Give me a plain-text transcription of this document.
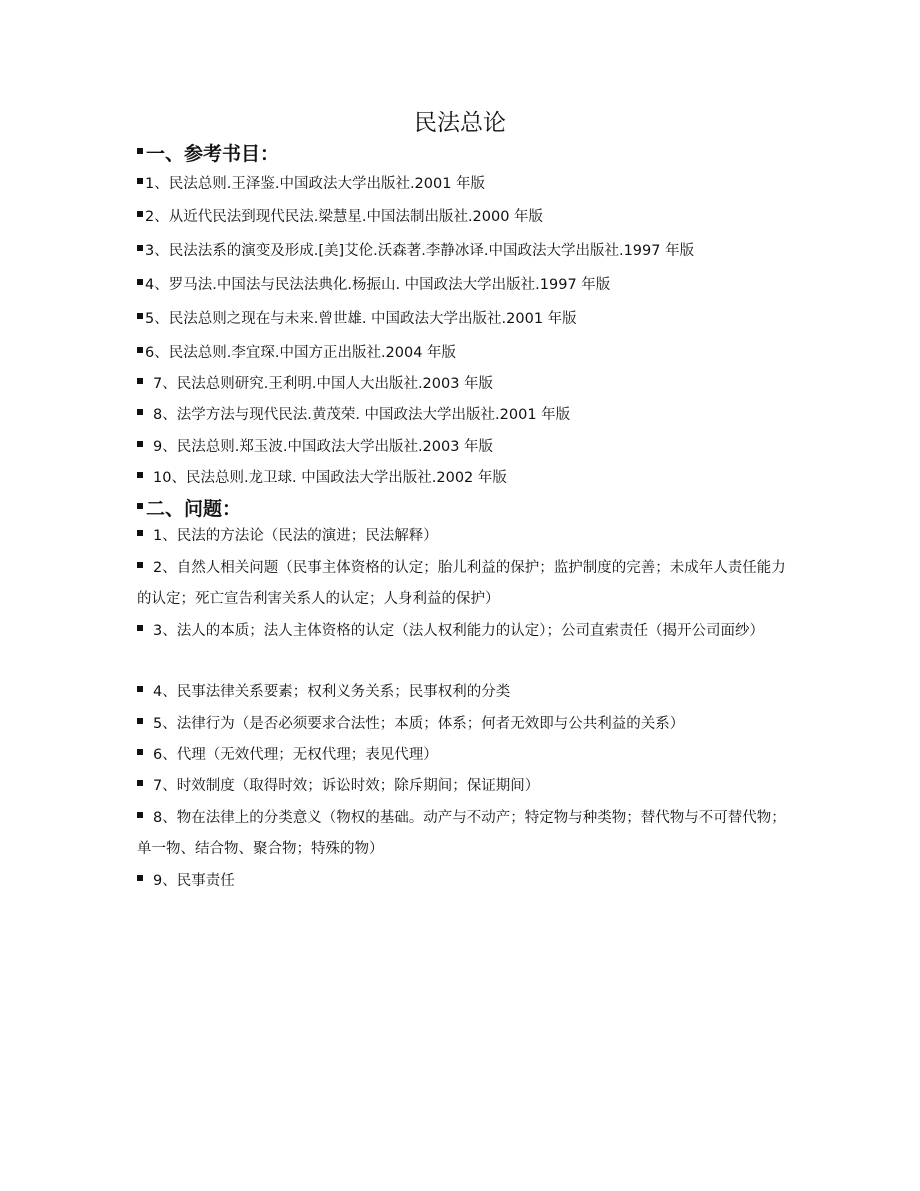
民法总论
一、参考书目：

1、民法总则.王泽鉴.中国政法大学出版社.2001 年版

2、从近代民法到现代民法.梁慧星.中国法制出版社.2000 年版

3、民法法系的演变及形成.[美]艾伦.沃森著.李静冰译.中国政法大学出版社.1997 年版

4、罗马法.中国法与民法法典化.杨振山. 中国政法大学出版社.1997 年版

5、民法总则之现在与未来.曾世雄. 中国政法大学出版社.2001 年版

6、民法总则.李宜琛.中国方正出版社.2004 年版

7、民法总则研究.王利明.中国人大出版社.2003 年版

8、法学方法与现代民法.黄茂荣. 中国政法大学出版社.2001 年版

9、民法总则.郑玉波.中国政法大学出版社.2003 年版

10、民法总则.龙卫球. 中国政法大学出版社.2002 年版

二、问题：

1、民法的方法论（民法的演进；民法解释）

2、自然人相关问题（民事主体资格的认定；胎儿利益的保护；监护制度的完善；未成年人责任能力的认定；死亡宣告利害关系人的认定；人身利益的保护）

3、法人的本质；法人主体资格的认定（法人权利能力的认定）；公司直索责任（揭开公司面纱）

4、民事法律关系要素；权利义务关系；民事权利的分类

5、法律行为（是否必须要求合法性；本质；体系；何者无效即与公共利益的关系）

6、代理（无效代理；无权代理；表见代理）

7、时效制度（取得时效；诉讼时效；除斥期间；保证期间）

8、物在法律上的分类意义（物权的基础。动产与不动产；特定物与种类物；替代物与不可替代物；单一物、结合物、聚合物；特殊的物）

9、民事责任
